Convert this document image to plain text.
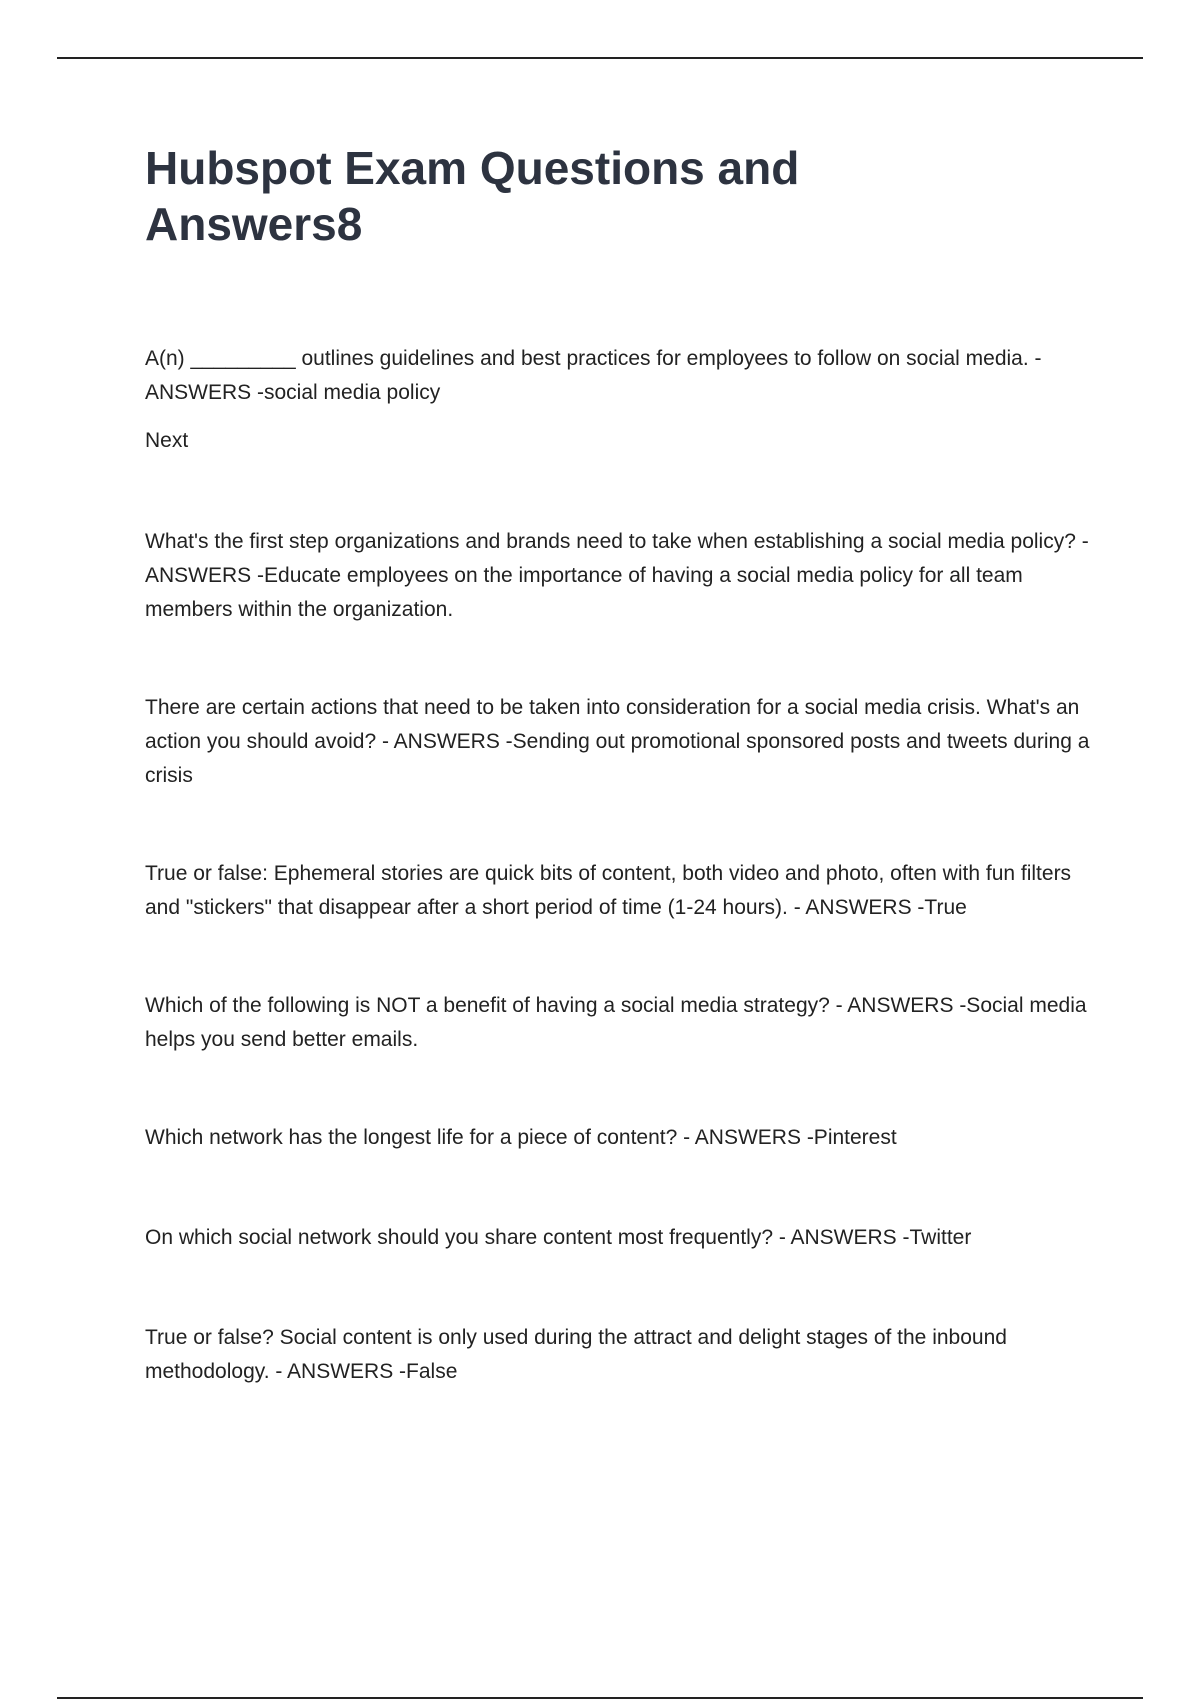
Hubspot Exam Questions and Answers8

A(n) _________ outlines guidelines and best practices for employees to follow on social media. - ANSWERS -social media policy

Next

What's the first step organizations and brands need to take when establishing a social media policy? - ANSWERS -Educate employees on the importance of having a social media policy for all team members within the organization.

There are certain actions that need to be taken into consideration for a social media crisis. What's an action you should avoid? - ANSWERS -Sending out promotional sponsored posts and tweets during a crisis

True or false: Ephemeral stories are quick bits of content, both video and photo, often with fun filters and "stickers" that disappear after a short period of time (1-24 hours). - ANSWERS -True

Which of the following is NOT a benefit of having a social media strategy? - ANSWERS -Social media helps you send better emails.

Which network has the longest life for a piece of content? - ANSWERS -Pinterest

On which social network should you share content most frequently? - ANSWERS -Twitter

True or false? Social content is only used during the attract and delight stages of the inbound methodology. - ANSWERS -False
